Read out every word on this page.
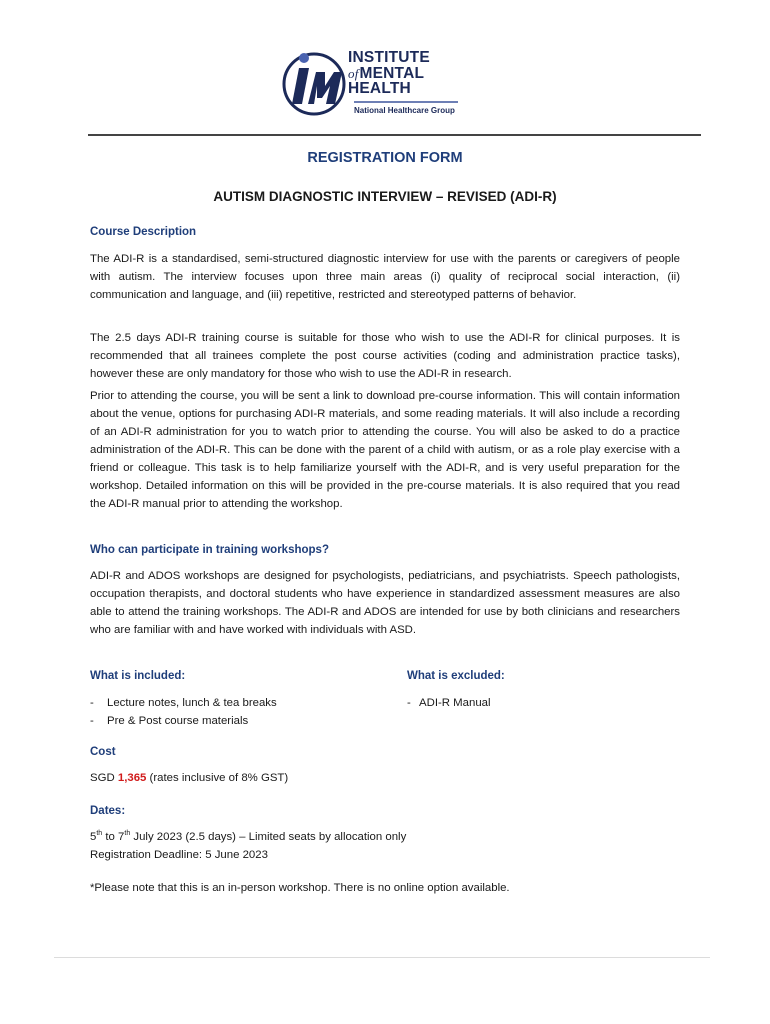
INSTITUTE
ofMENTAL
HEALTH
National Healthcare Group
REGISTRATION FORM
AUTISM DIAGNOSTIC INTERVIEW – REVISED (ADI-R)
Course Description
The ADI-R is a standardised, semi-structured diagnostic interview for use with the parents or caregivers of people with autism. The interview focuses upon three main areas (i) quality of reciprocal social interaction, (ii) communication and language, and (iii) repetitive, restricted and stereotyped patterns of behavior.
The 2.5 days ADI-R training course is suitable for those who wish to use the ADI-R for clinical purposes. It is recommended that all trainees complete the post course activities (coding and administration practice tasks), however these are only mandatory for those who wish to use the ADI-R in research.
Prior to attending the course, you will be sent a link to download pre-course information. This will contain information about the venue, options for purchasing ADI-R materials, and some reading materials. It will also include a recording of an ADI-R administration for you to watch prior to attending the course. You will also be asked to do a practice administration of the ADI-R. This can be done with the parent of a child with autism, or as a role play exercise with a friend or colleague. This task is to help familiarize yourself with the ADI-R, and is very useful preparation for the workshop. Detailed information on this will be provided in the pre-course materials. It is also required that you read the ADI-R manual prior to attending the workshop.
Who can participate in training workshops?
ADI-R and ADOS workshops are designed for psychologists, pediatricians, and psychiatrists. Speech pathologists, occupation therapists, and doctoral students who have experience in standardized assessment measures are also able to attend the training workshops. The ADI-R and ADOS are intended for use by both clinicians and researchers who are familiar with and have worked with individuals with ASD.
What is included:
- Lecture notes, lunch & tea breaks
- Pre & Post course materials
What is excluded:
- ADI-R Manual
Cost
SGD 1,365 (rates inclusive of 8% GST)
Dates:
5th to 7th July 2023 (2.5 days) – Limited seats by allocation only
Registration Deadline: 5 June 2023
*Please note that this is an in-person workshop. There is no online option available.
